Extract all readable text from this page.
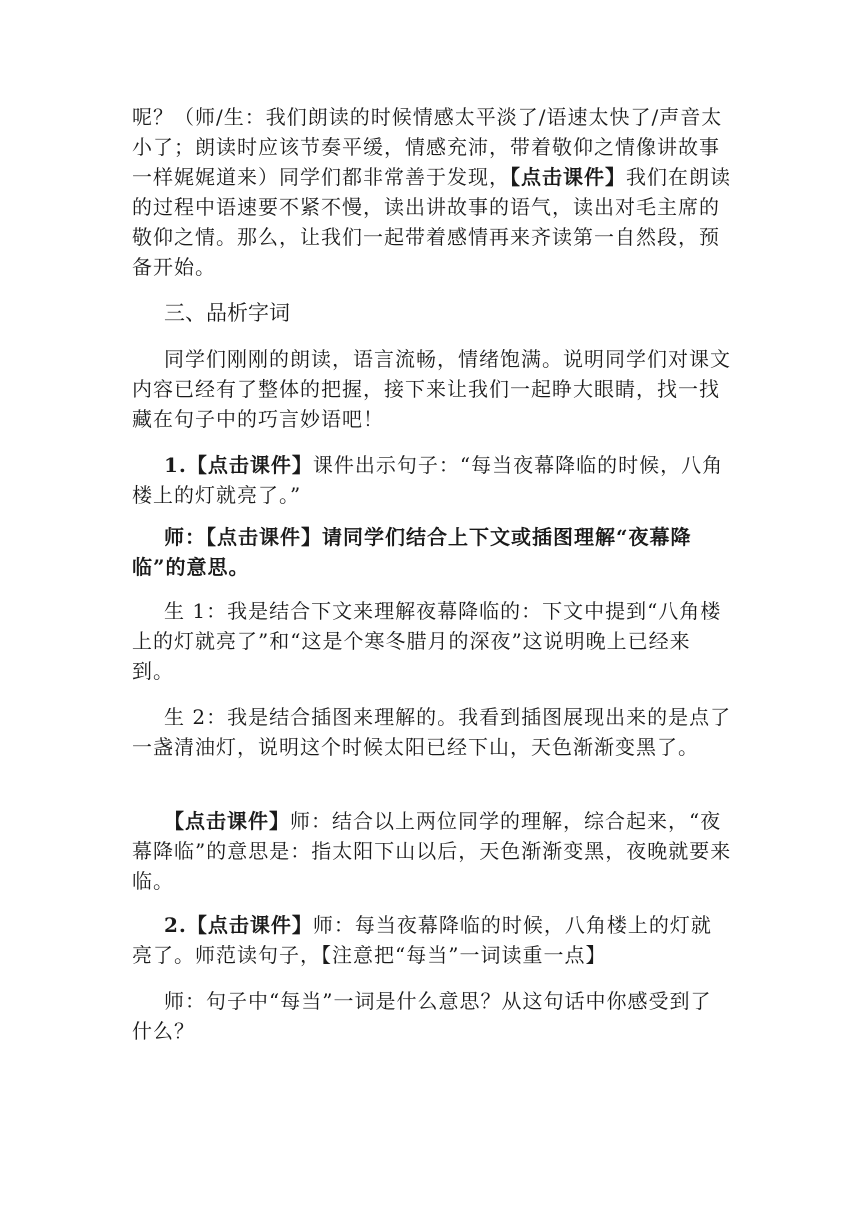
呢？（师/生：我们朗读的时候情感太平淡了/语速太快了/声音太小了；朗读时应该节奏平缓，情感充沛，带着敬仰之情像讲故事一样娓娓道来）同学们都非常善于发现，【点击课件】我们在朗读的过程中语速要不紧不慢，读出讲故事的语气，读出对毛主席的敬仰之情。那么，让我们一起带着感情再来齐读第一自然段，预备开始。

三、品析字词

同学们刚刚的朗读，语言流畅，情绪饱满。说明同学们对课文内容已经有了整体的把握，接下来让我们一起睁大眼睛，找一找藏在句子中的巧言妙语吧！

1.【点击课件】课件出示句子：“每当夜幕降临的时候，八角楼上的灯就亮了。”

师：【点击课件】请同学们结合上下文或插图理解“夜幕降临”的意思。

生 1：我是结合下文来理解夜幕降临的：下文中提到“八角楼上的灯就亮了”和“这是个寒冬腊月的深夜”这说明晚上已经来到。

生 2：我是结合插图来理解的。我看到插图展现出来的是点了一盏清油灯，说明这个时候太阳已经下山，天色渐渐变黑了。

【点击课件】师：结合以上两位同学的理解，综合起来，“夜幕降临”的意思是：指太阳下山以后，天色渐渐变黑，夜晚就要来临。

2.【点击课件】师：每当夜幕降临的时候，八角楼上的灯就亮了。师范读句子，【注意把“每当”一词读重一点】

师：句子中“每当”一词是什么意思？从这句话中你感受到了什么？
